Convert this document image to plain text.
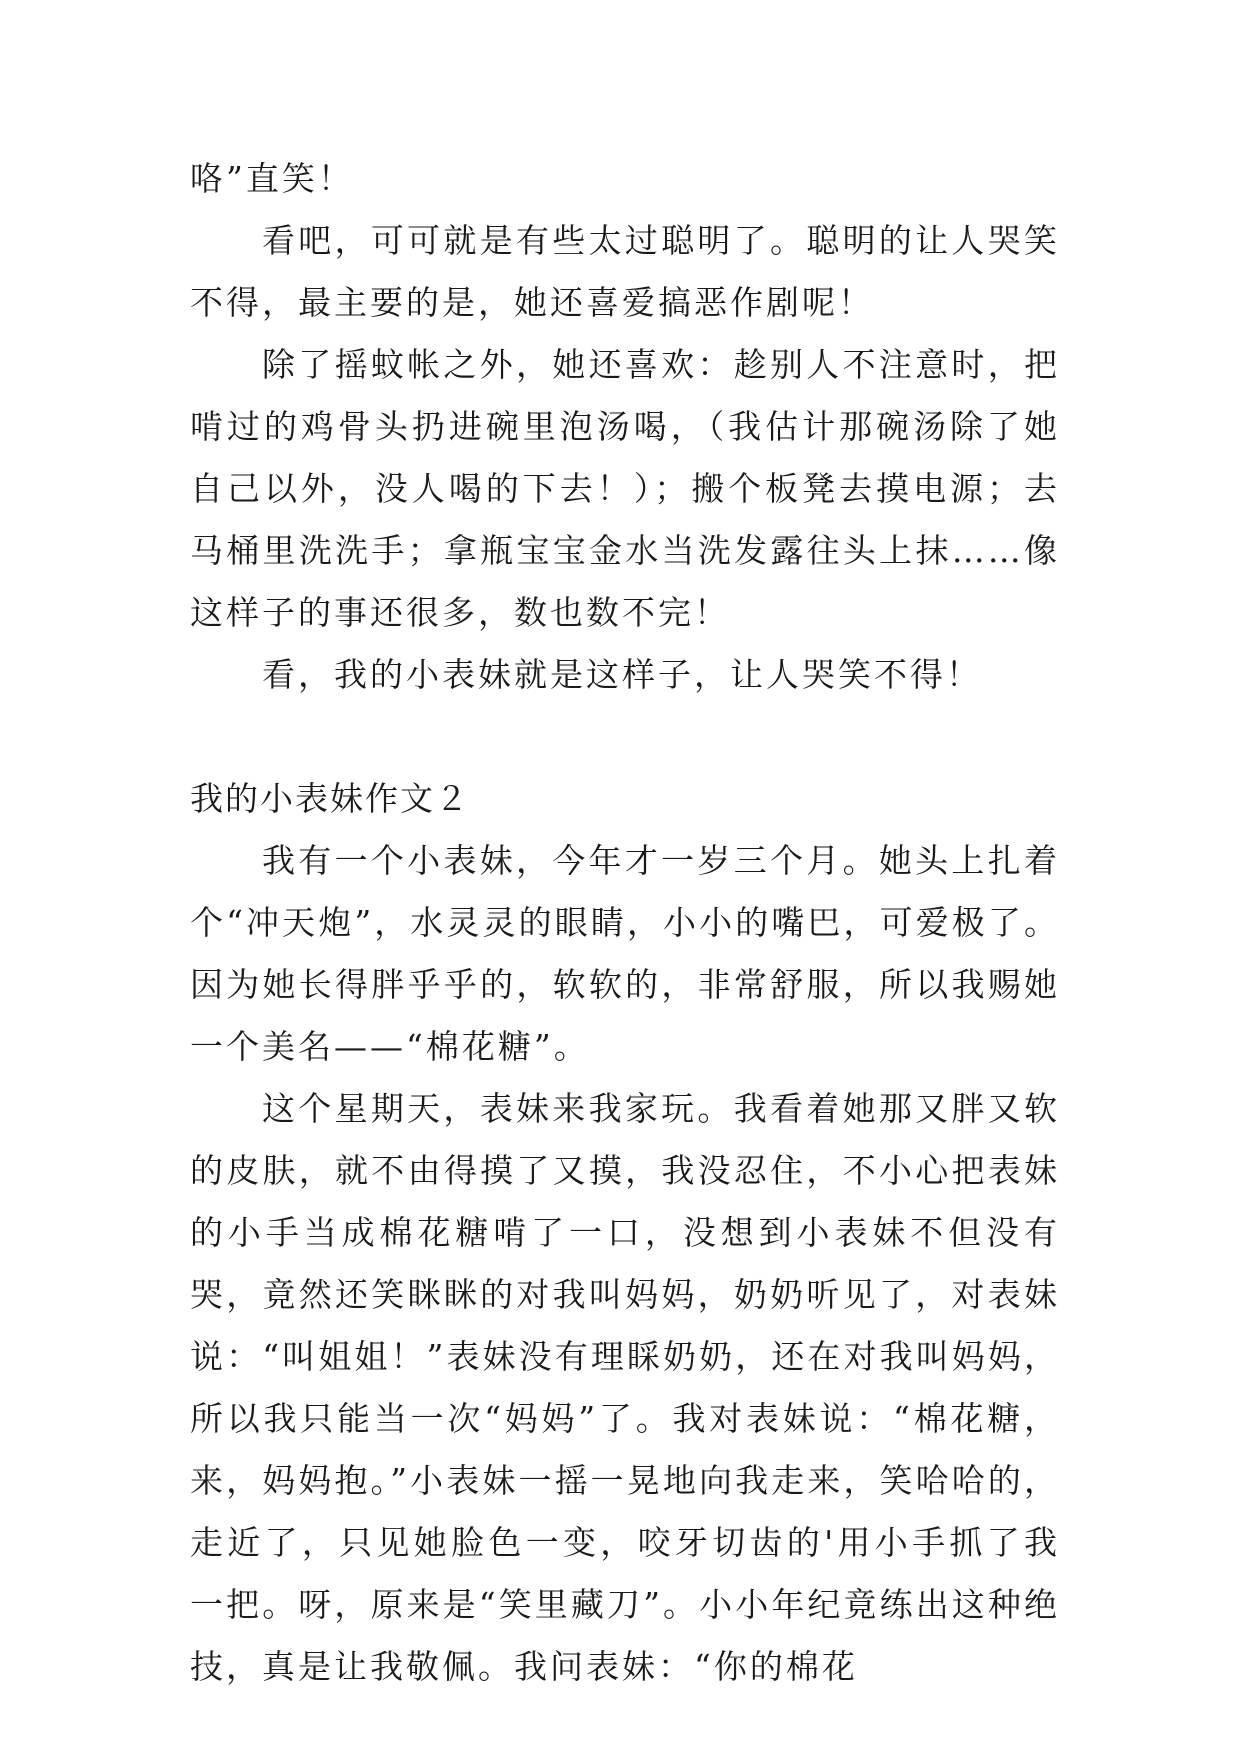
咯”直笑！

看吧，可可就是有些太过聪明了。聪明的让人哭笑不得，最主要的是，她还喜爱搞恶作剧呢！

除了摇蚊帐之外，她还喜欢：趁别人不注意时，把啃过的鸡骨头扔进碗里泡汤喝，（我估计那碗汤除了她自己以外，没人喝的下去！）；搬个板凳去摸电源；去马桶里洗洗手；拿瓶宝宝金水当洗发露往头上抹……像这样子的事还很多，数也数不完！

看，我的小表妹就是这样子，让人哭笑不得！

我的小表妹作文２

我有一个小表妹，今年才一岁三个月。她头上扎着个“冲天炮”，水灵灵的眼睛，小小的嘴巴，可爱极了。因为她长得胖乎乎的，软软的，非常舒服，所以我赐她一个美名——“棉花糖”。

这个星期天，表妹来我家玩。我看着她那又胖又软的皮肤，就不由得摸了又摸，我没忍住，不小心把表妹的小手当成棉花糖啃了一口，没想到小表妹不但没有哭，竟然还笑眯眯的对我叫妈妈，奶奶听见了，对表妹说：“叫姐姐！”表妹没有理睬奶奶，还在对我叫妈妈，所以我只能当一次“妈妈”了。我对表妹说：“棉花糖，来，妈妈抱。”小表妹一摇一晃地向我走来，笑哈哈的，走近了，只见她脸色一变，咬牙切齿的'用小手抓了我一把。呀，原来是“笑里藏刀”。小小年纪竟练出这种绝技，真是让我敬佩。我问表妹：“你的棉花
